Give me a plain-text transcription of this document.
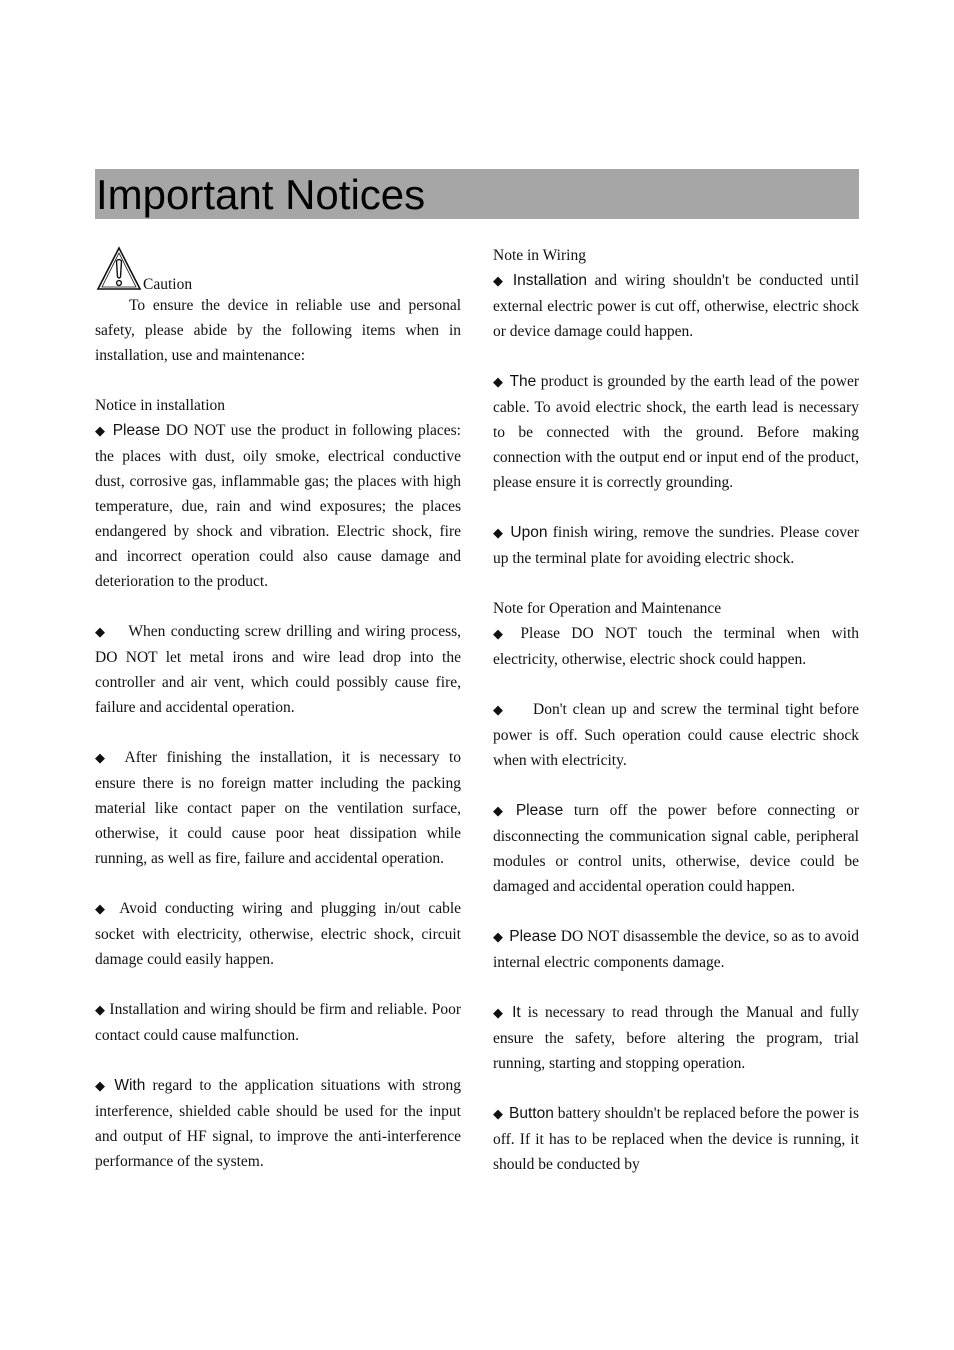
Important Notices
Caution

To ensure the device in reliable use and personal safety, please abide by the following items when in installation, use and maintenance:

Notice in installation

◆ Please DO NOT use the product in following places: the places with dust, oily smoke, electrical conductive dust, corrosive gas, inflammable gas; the places with high temperature, due, rain and wind exposures; the places endangered by shock and vibration. Electric shock, fire and incorrect operation could also cause damage and deterioration to the product.

◆ When conducting screw drilling and wiring process, DO NOT let metal irons and wire lead drop into the controller and air vent, which could possibly cause fire, failure and accidental operation.

◆ After finishing the installation, it is necessary to ensure there is no foreign matter including the packing material like contact paper on the ventilation surface, otherwise, it could cause poor heat dissipation while running, as well as fire, failure and accidental operation.

◆ Avoid conducting wiring and plugging in/out cable socket with electricity, otherwise, electric shock, circuit damage could easily happen.

◆ Installation and wiring should be firm and reliable. Poor contact could cause malfunction.

◆ With regard to the application situations with strong interference, shielded cable should be used for the input and output of HF signal, to improve the anti-interference performance of the system.

Note in Wiring

◆ Installation and wiring shouldn't be conducted until external electric power is cut off, otherwise, electric shock or device damage could happen.

◆ The product is grounded by the earth lead of the power cable. To avoid electric shock, the earth lead is necessary to be connected with the ground. Before making connection with the output end or input end of the product, please ensure it is correctly grounding.

◆ Upon finish wiring, remove the sundries. Please cover up the terminal plate for avoiding electric shock.

Note for Operation and Maintenance

◆ Please DO NOT touch the terminal when with electricity, otherwise, electric shock could happen.

◆ Don't clean up and screw the terminal tight before power is off. Such operation could cause electric shock when with electricity.

◆ Please turn off the power before connecting or disconnecting the communication signal cable, peripheral modules or control units, otherwise, device could be damaged and accidental operation could happen.

◆ Please DO NOT disassemble the device, so as to avoid internal electric components damage.

◆ It is necessary to read through the Manual and fully ensure the safety, before altering the program, trial running, starting and stopping operation.

◆ Button battery shouldn't be replaced before the power is off. If it has to be replaced when the device is running, it should be conducted by
